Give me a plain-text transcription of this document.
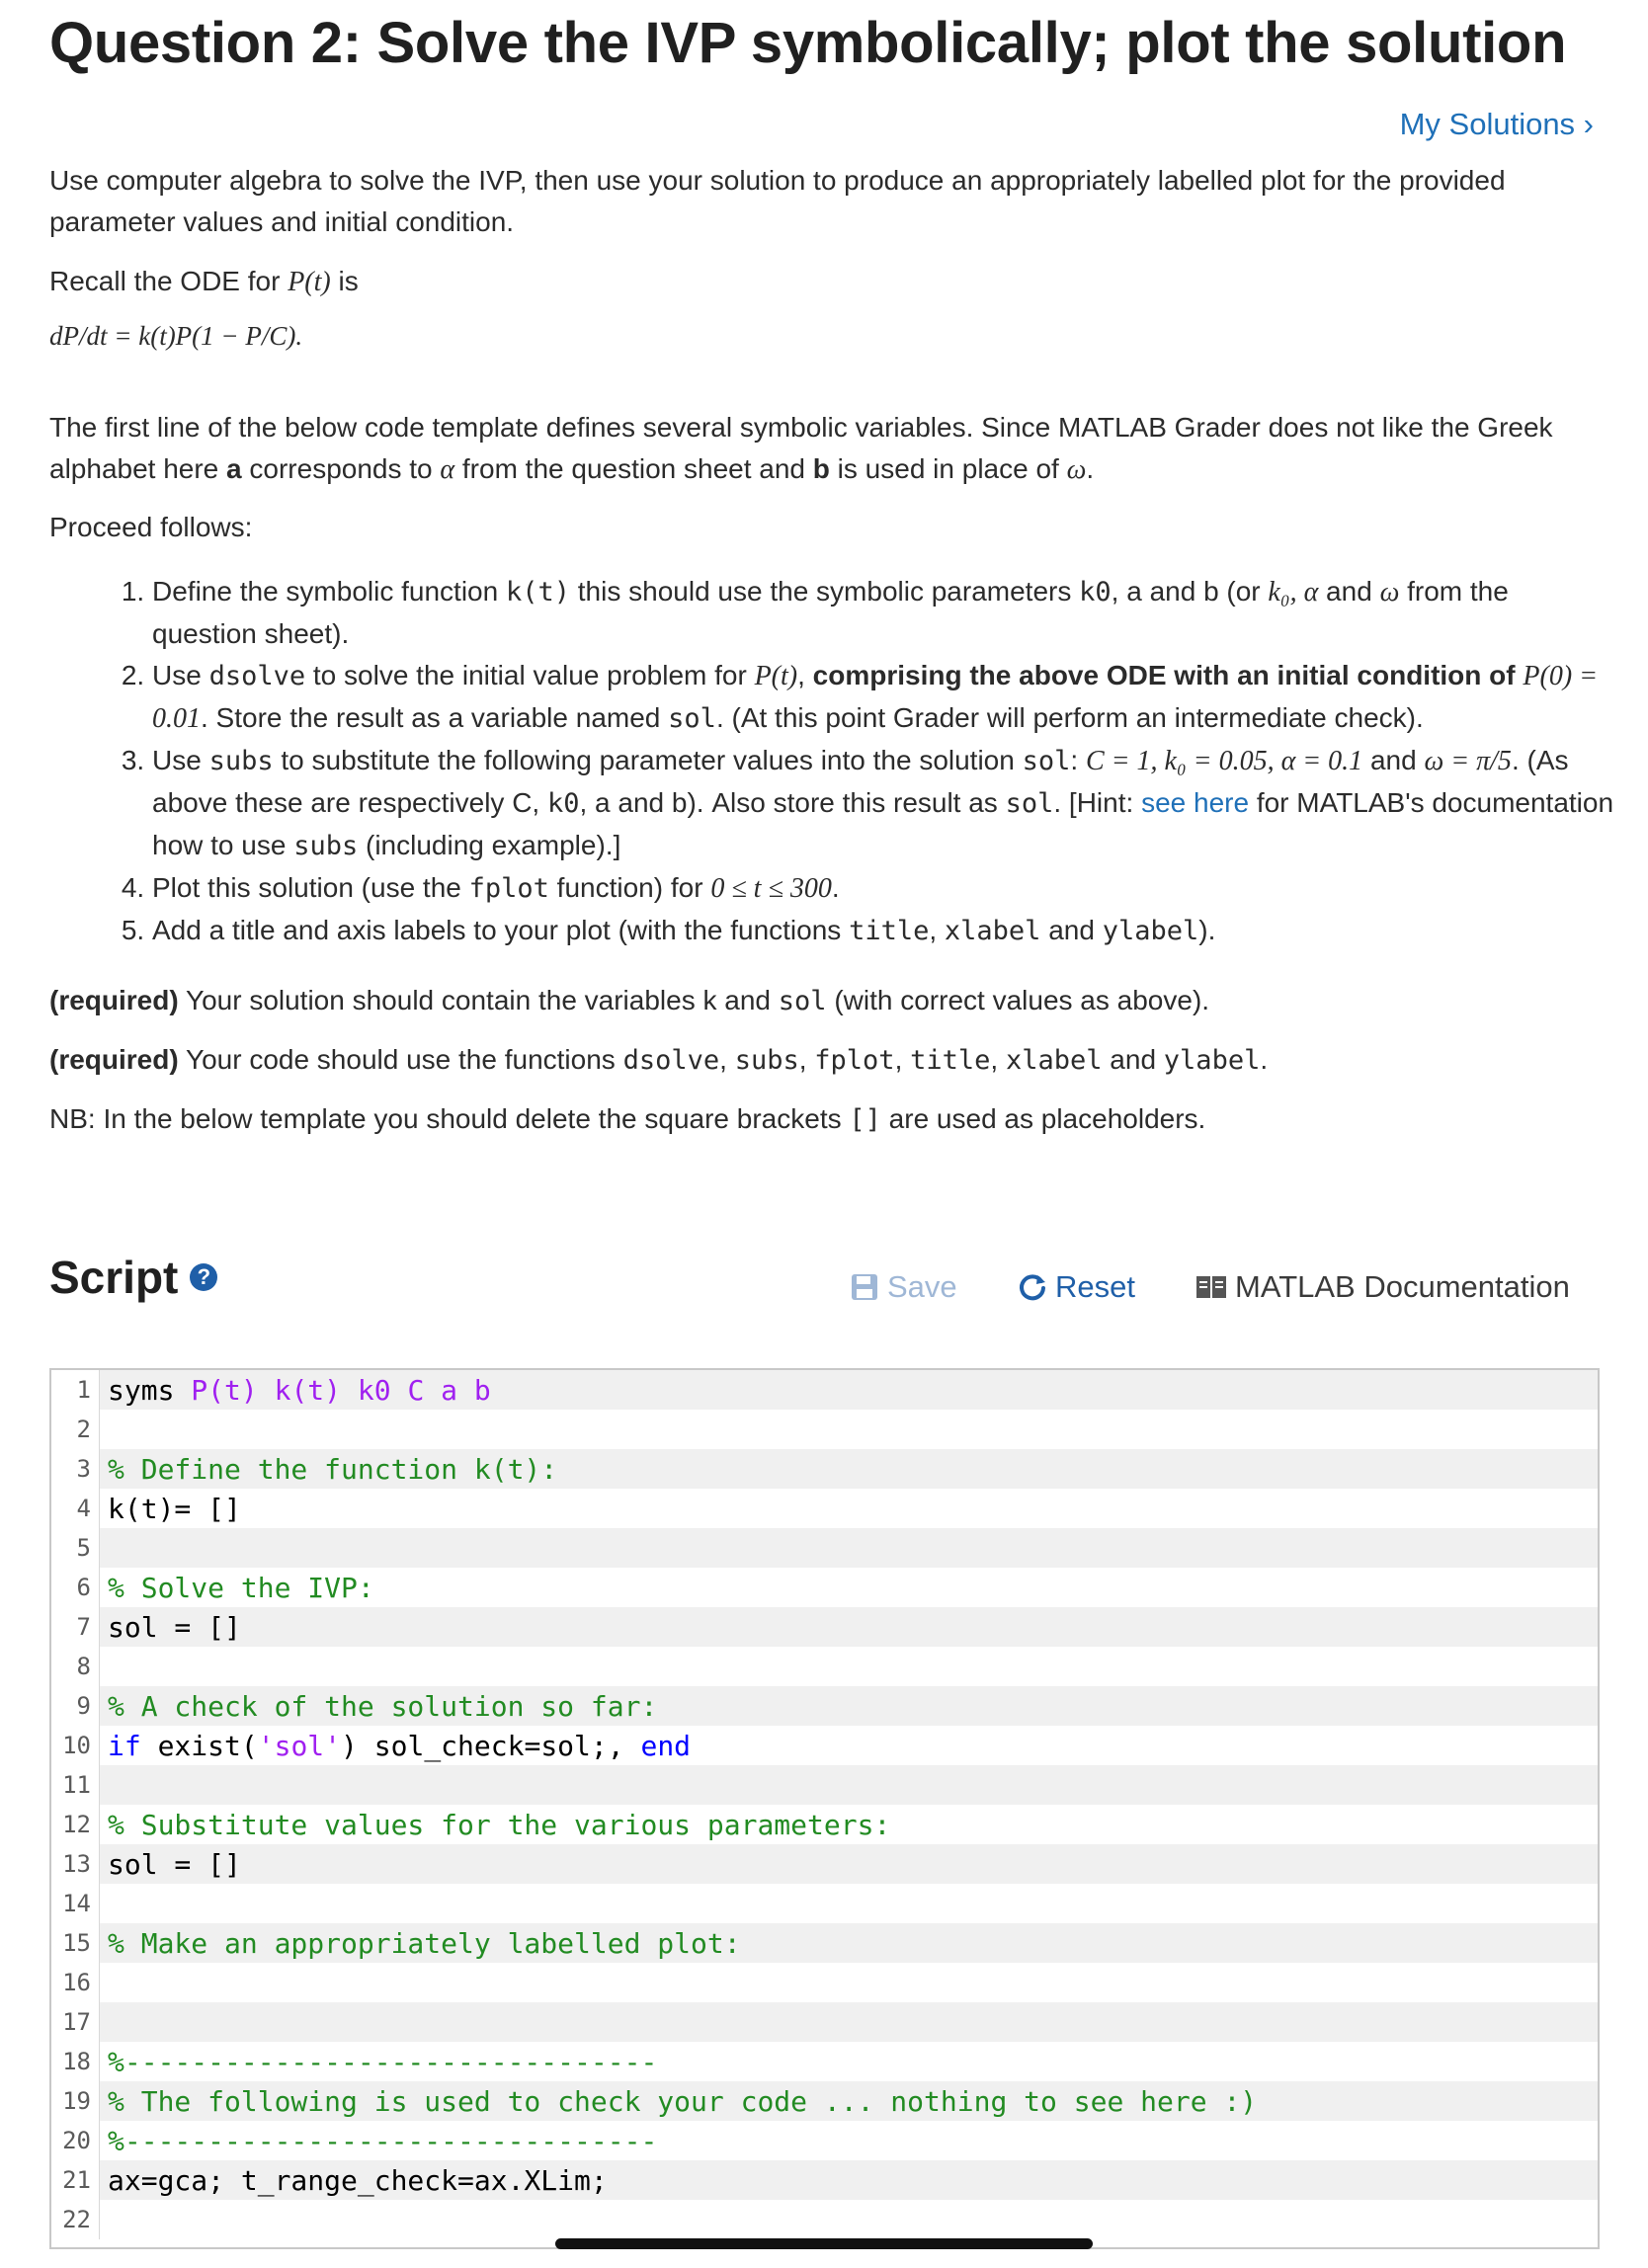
Question 2: Solve the IVP symbolically; plot the solution
My Solutions ›
Use computer algebra to solve the IVP, then use your solution to produce an appropriately labelled plot for the provided parameter values and initial condition.
Recall the ODE for P(t) is
dP/dt = k(t)P(1 − P/C).
The first line of the below code template defines several symbolic variables. Since MATLAB Grader does not like the Greek alphabet here a corresponds to α from the question sheet and b is used in place of ω.
Proceed follows:
1. Define the symbolic function k(t) this should use the symbolic parameters k0, a and b (or k₀, α and ω from the question sheet).
2. Use dsolve to solve the initial value problem for P(t), comprising the above ODE with an initial condition of P(0) = 0.01. Store the result as a variable named sol. (At this point Grader will perform an intermediate check).
3. Use subs to substitute the following parameter values into the solution sol: C = 1, k₀ = 0.05, α = 0.1 and ω = π/5. (As above these are respectively C, k0, a and b). Also store this result as sol. [Hint: see here for MATLAB's documentation how to use subs (including example).]
4. Plot this solution (use the fplot function) for 0 ≤ t ≤ 300.
5. Add a title and axis labels to your plot (with the functions title, xlabel and ylabel).
(required) Your solution should contain the variables k and sol (with correct values as above).
(required) Your code should use the functions dsolve, subs, fplot, title, xlabel and ylabel.
NB: In the below template you should delete the square brackets [] are used as placeholders.
Script ?	Save	Reset	MATLAB Documentation
1 syms P(t) k(t) k0 C a b
2
3 % Define the function k(t):
4 k(t)= []
5
6 % Solve the IVP:
7 sol = []
8
9 % A check of the solution so far:
10 if exist('sol') sol_check=sol;, end
11
12 % Substitute values for the various parameters:
13 sol = []
14
15 % Make an appropriately labelled plot:
16
17
18 %--------------------------------
19 % The following is used to check your code ... nothing to see here :)
20 %--------------------------------
21 ax=gca; t_range_check=ax.XLim;
22
